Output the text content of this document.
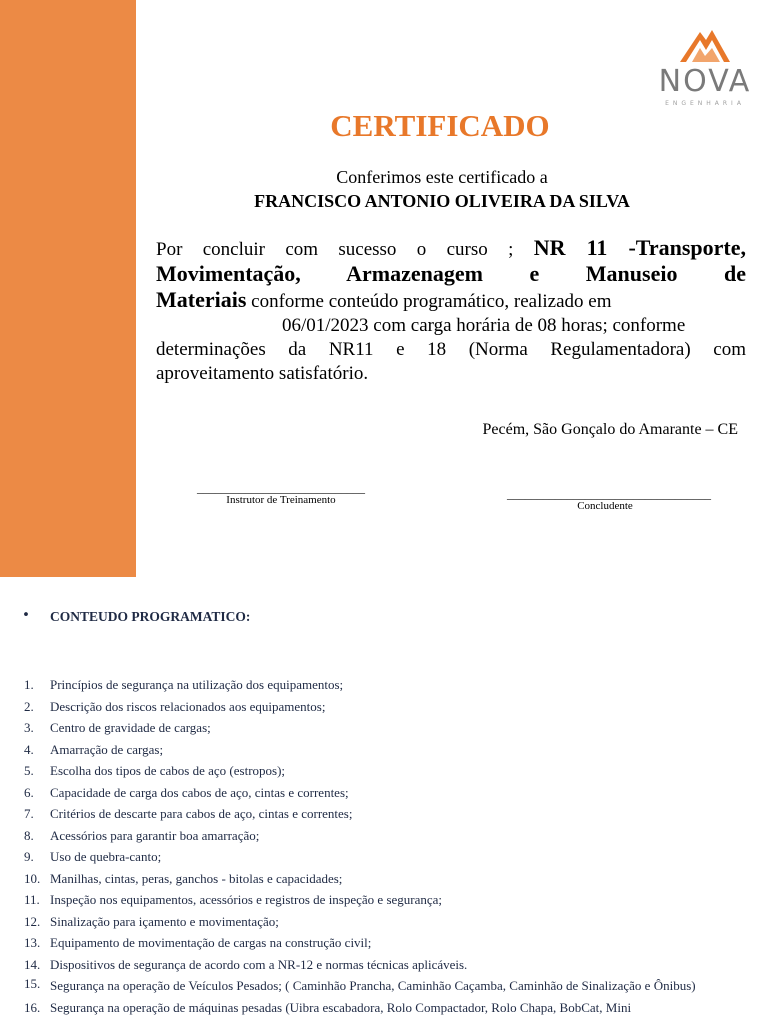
NOVA
ENGENHARIA
CERTIFICADO
Conferimos este certificado a
FRANCISCO ANTONIO OLIVEIRA DA SILVA
Por concluir com sucesso o curso ; NR 11 -Transporte,
Movimentação, Armazenagem e Manuseio de
Materiais conforme conteúdo programático, realizado em
06/01/2023 com carga horária de 08 horas; conforme
determinações da NR11 e 18 (Norma Regulamentadora) com
aproveitamento satisfatório.
Pecém, São Gonçalo do Amarante – CE
____________________________
Instrutor de Treinamento	__________________________________
Concludente
• CONTEUDO PROGRAMATICO:
1. Princípios de segurança na utilização dos equipamentos;
2. Descrição dos riscos relacionados aos equipamentos;
3. Centro de gravidade de cargas;
4. Amarração de cargas;
5. Escolha dos tipos de cabos de aço (estropos);
6. Capacidade de carga dos cabos de aço, cintas e correntes;
7. Critérios de descarte para cabos de aço, cintas e correntes;
8. Acessórios para garantir boa amarração;
9. Uso de quebra-canto;
10. Manilhas, cintas, peras, ganchos - bitolas e capacidades;
11. Inspeção nos equipamentos, acessórios e registros de inspeção e segurança;
12. Sinalização para içamento e movimentação;
13. Equipamento de movimentação de cargas na construção civil;
14. Dispositivos de segurança de acordo com a NR-12 e normas técnicas aplicáveis.
15. Segurança na operação de Veículos Pesados; ( Caminhão Prancha, Caminhão Caçamba, Caminhão de Sinalização e Ônibus)
16. Segurança na operação de máquinas pesadas (Uibra escabadora, Rolo Compactador, Rolo Chapa, BobCat, Mini
